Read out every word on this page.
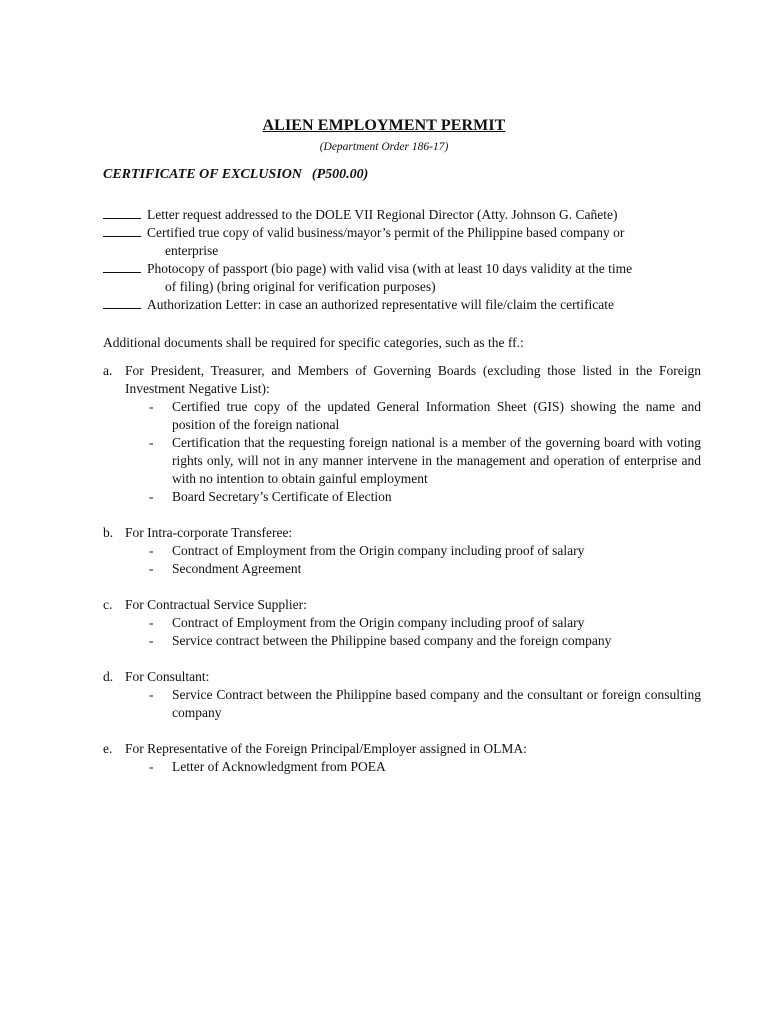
ALIEN EMPLOYMENT PERMIT
(Department Order 186-17)
CERTIFICATE OF EXCLUSION (P500.00)
Letter request addressed to the DOLE VII Regional Director (Atty. Johnson G. Cañete)
Certified true copy of valid business/mayor’s permit of the Philippine based company or
enterprise
Photocopy of passport (bio page) with valid visa (with at least 10 days validity at the time
of filing) (bring original for verification purposes)
Authorization Letter: in case an authorized representative will file/claim the certificate
Additional documents shall be required for specific categories, such as the ff.:
a. For President, Treasurer, and Members of Governing Boards (excluding those listed in the Foreign Investment Negative List):
-	Certified true copy of the updated General Information Sheet (GIS) showing the name and position of the foreign national
-	Certification that the requesting foreign national is a member of the governing board with voting rights only, will not in any manner intervene in the management and operation of enterprise and with no intention to obtain gainful employment
-	Board Secretary’s Certificate of Election
b. For Intra-corporate Transferee:
-	Contract of Employment from the Origin company including proof of salary
-	Secondment Agreement
c. For Contractual Service Supplier:
-	Contract of Employment from the Origin company including proof of salary
-	Service contract between the Philippine based company and the foreign company
d. For Consultant:
-	Service Contract between the Philippine based company and the consultant or foreign consulting company
e. For Representative of the Foreign Principal/Employer assigned in OLMA:
-	Letter of Acknowledgment from POEA
